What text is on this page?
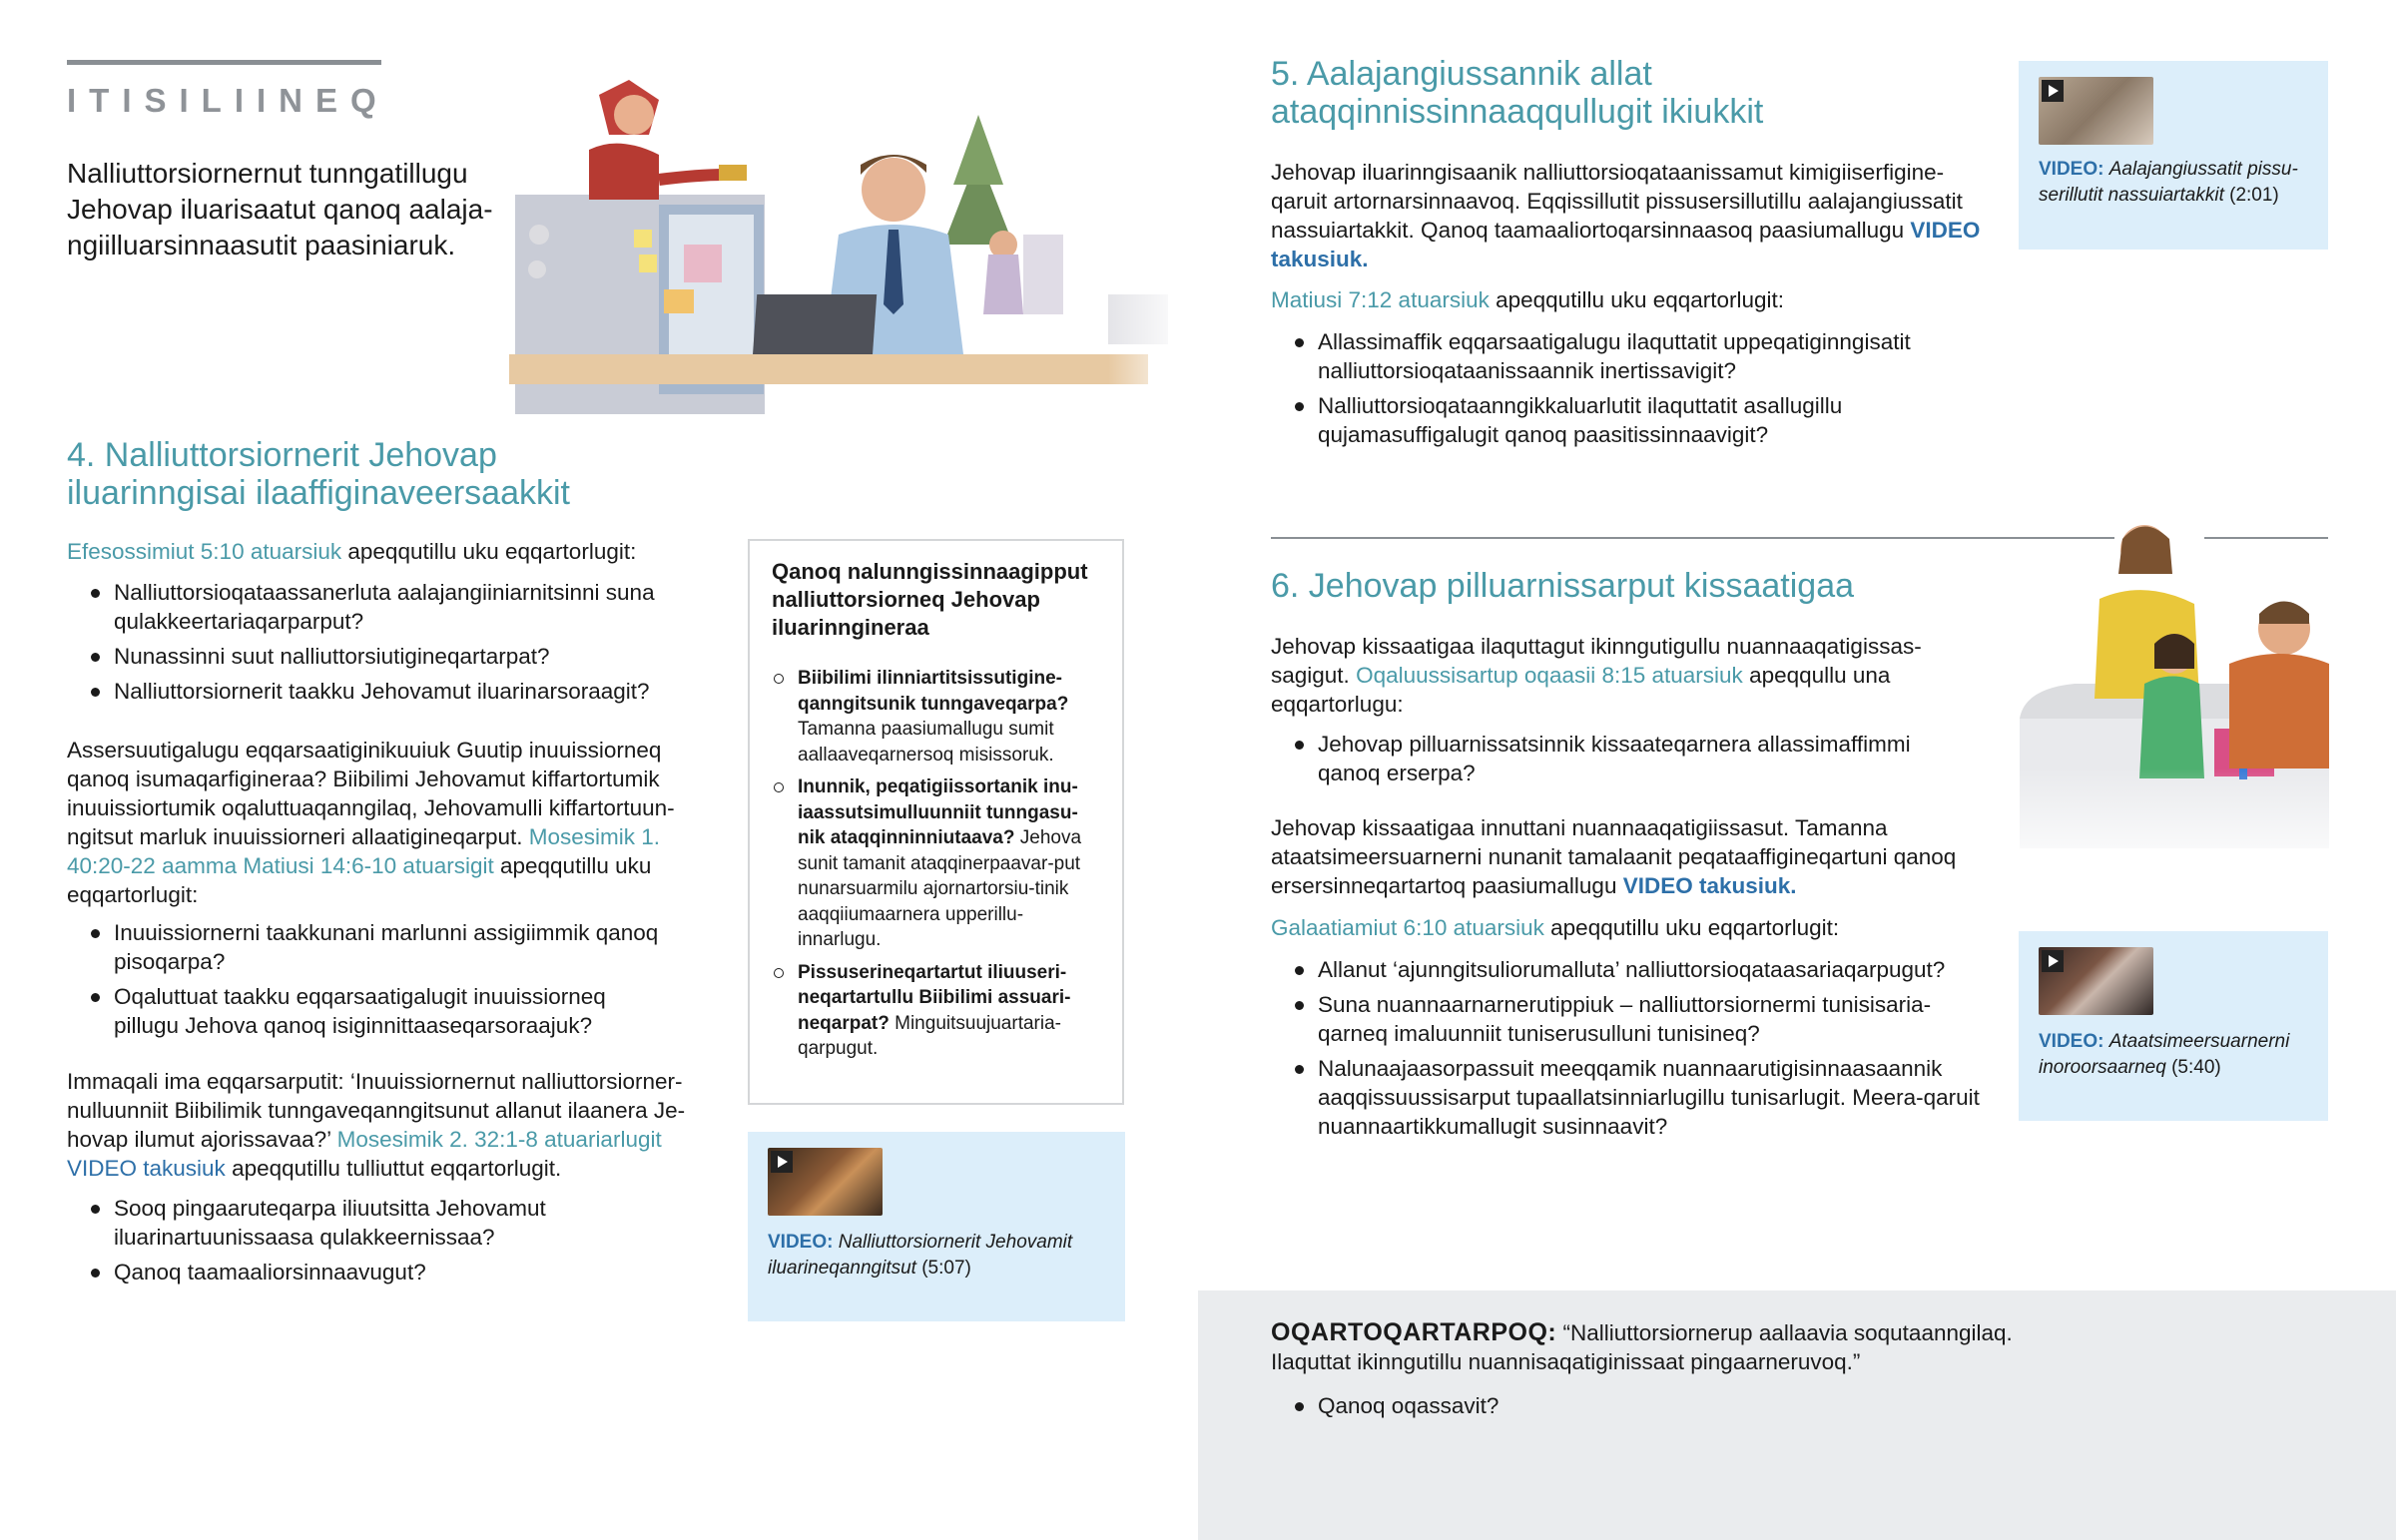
ITISILIINEQ
Nalliuttorsiornernut tunngatillugu Jehovap iluarisaatut qanoq aalaja-ngiilluarsinnaasutit paasiniaruk.
4. Nalliuttorsiornerit Jehovap iluarinngisai ilaaffiginaveersaakkit
Efesossimiut 5:10 atuarsiuk apeqqutillu uku eqqartorlugit:
Nalliuttorsioqataassanerluta aalajangiiniarnitsinni suna qulakkeertariaqarparput?
Nunassinni suut nalliuttorsiutigineqartarpat?
Nalliuttorsiornerit taakku Jehovamut iluarinarsoraagit?
Assersuutigalugu eqqarsaatiginikuuiuk Guutip inuuissiorneq qanoq isumaqarfigineraa? Biibilimi Jehovamut kiffartortumik inuuissiortumik oqaluttuaqanngilaq, Jehovamulli kiffartortuun-ngitsut marluk inuuissiorneri allaatigineqarput. Mosesimik 1. 40:20-22 aamma Matiusi 14:6-10 atuarsigit apeqqutillu uku eqqartorlugit:
Inuuissiornerni taakkunani marlunni assigiimmik qanoq pisoqarpa?
Oqaluttuat taakku eqqarsaatigalugit inuuissiorneq pillugu Jehova qanoq isiginnittaaseqarsoraajuk?
Immaqali ima eqqarsarputit: ‘Inuuissiornernut nalliuttorsiorner-nulluunniit Biibilimik tunngaveqanngitsunut allanut ilaanera Je-hovap ilumut ajorissavaa?’ Mosesimik 2. 32:1-8 atuariarlugit VIDEO takusiuk apeqqutillu tulliuttut eqqartorlugit.
Sooq pingaaruteqarpa iliuutsitta Jehovamut iluarinartuunissaasa qulakkeernissaa?
Qanoq taamaaliorsinnaavugut?
Qanoq nalunngissinnaagipput nalliuttorsiorneq Jehovap iluarinngineraa
Biibilimi ilinniartitsissutigine-qanngitsunik tunngaveqarpa? Tamanna paasiumallugu sumit aallaaveqarnersoq misissoruk.
Inunnik, peqatigiissortanik inu-iaassutsimulluunniit tunngasu-nik ataqqinninniutaava? Jehova sunit tamanit ataqqinerpaavar-put nunarsuarmilu ajornartorsiu-tinik aaqqiiumaarnera upperillu-innarlugu.
Pissuserineqartartut iliuuseri-neqartartullu Biibilimi assuari-neqarpat? Minguitsuujuartaria-qarpugut.
VIDEO: Nalliuttorsiornerit Jehovamit iluarineqanngitsut (5:07)
5. Aalajangiussannik allat ataqqinnissinnaaqqullugit ikiukkit
Jehovap iluarinngisaanik nalliuttorsioqataanissamut kimigiiserfigine-qaruit artornarsinnaavoq. Eqqissillutit pissusersillutillu aalajangiussatit nassuiartakkit. Qanoq taamaaliortoqarsinnaasoq paasiumallugu VIDEO takusiuk.
Matiusi 7:12 atuarsiuk apeqqutillu uku eqqartorlugit:
Allassimaffik eqqarsaatigalugu ilaquttatit uppeqatiginngisatit nalliuttorsioqataanissaannik inertissavigit?
Nalliuttorsioqataanngikkaluarlutit ilaquttatit asallugillu qujamasuffigalugit qanoq paasitissinnaavigit?
VIDEO: Aalajangiussatit pissu-serillutit nassuiartakkit (2:01)
6. Jehovap pilluarnissarput kissaatigaa
Jehovap kissaatigaa ilaquttagut ikinngutigullu nuannaaqatigissas-sagigut. Oqaluussisartup oqaasii 8:15 atuarsiuk apeqqullu una eqqartorlugu:
Jehovap pilluarnissatsinnik kissaateqarnera allassimaffimmi qanoq erserpa?
Jehovap kissaatigaa innuttani nuannaaqatigiissasut. Tamanna ataatsimeersuarnerni nunanit tamalaanit peqataaffigineqartuni qanoq ersersinneqartartoq paasiumallugu VIDEO takusiuk.
Galaatiamiut 6:10 atuarsiuk apeqqutillu uku eqqartorlugit:
Allanut ‘ajunngitsuliorumalluta’ nalliuttorsioqataasariaqarpugut?
Suna nuannaarnarnerutippiuk – nalliuttorsiornermi tunisisaria-qarneq imaluunniit tuniserusulluni tunisineq?
Nalunaajaasorpassuit meeqqamik nuannaarutigisinnaasaannik aaqqissuussisarput tupaallatsinniarlugillu tunisarlugit. Meera-qaruit nuannaartikkumallugit susinnaavit?
VIDEO: Ataatsimeersuarnerni inoroorsaarneq (5:40)
OQARTOQARTARPOQ: “Nalliuttorsiornerup aallaavia soqutaanngilaq. Ilaquttat ikinngutillu nuannisaqatiginissaat pingaarneruvoq.”
Qanoq oqassavit?
